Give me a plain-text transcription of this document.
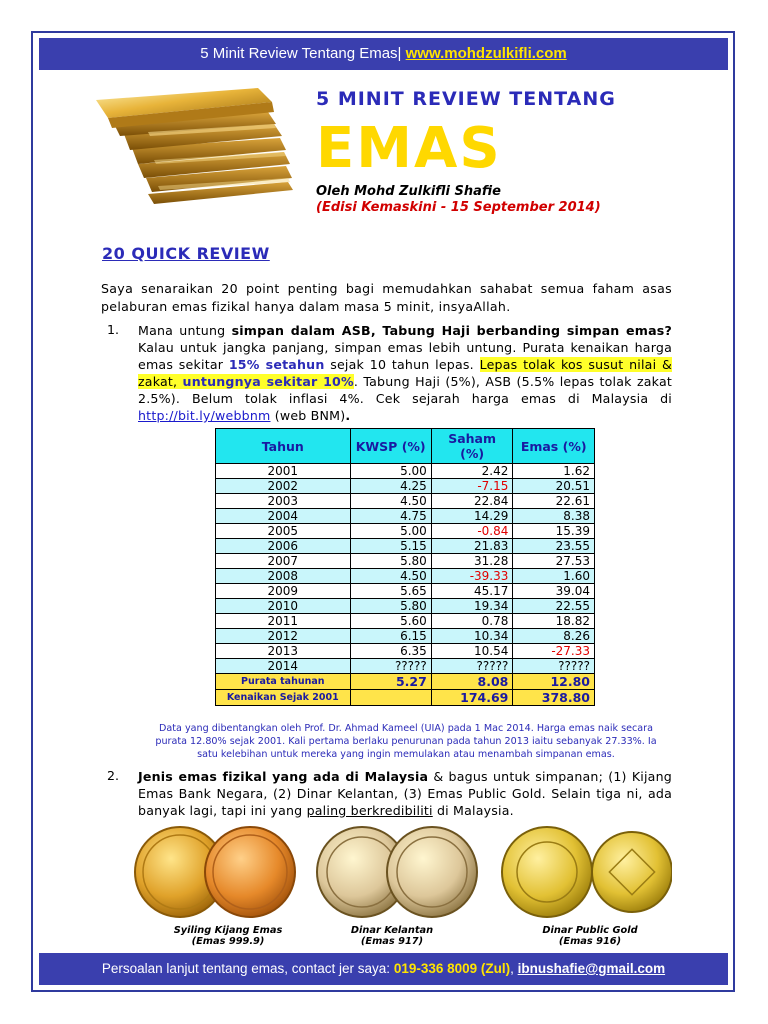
5 Minit Review Tentang Emas| www.mohdzulkifli.com
5 MINIT REVIEW TENTANG
EMAS
Oleh Mohd Zulkifli Shafie
(Edisi Kemaskini - 15 September 2014)
20 QUICK REVIEW
Saya senaraikan 20 point penting bagi memudahkan sahabat semua faham asas pelaburan emas fizikal hanya dalam masa 5 minit, insyaAllah.
1. Mana untung simpan dalam ASB, Tabung Haji berbanding simpan emas? Kalau untuk jangka panjang, simpan emas lebih untung. Purata kenaikan harga emas sekitar 15% setahun sejak 10 tahun lepas. Lepas tolak kos susut nilai & zakat, untungnya sekitar 10%. Tabung Haji (5%), ASB (5.5% lepas tolak zakat 2.5%). Belum tolak inflasi 4%. Cek sejarah harga emas di Malaysia di http://bit.ly/webbnm (web BNM).
Tahun	KWSP (%)	Saham (%)	Emas (%)
2001	5.00	2.42	1.62
2002	4.25	-7.15	20.51
2003	4.50	22.84	22.61
2004	4.75	14.29	8.38
2005	5.00	-0.84	15.39
2006	5.15	21.83	23.55
2007	5.80	31.28	27.53
2008	4.50	-39.33	1.60
2009	5.65	45.17	39.04
2010	5.80	19.34	22.55
2011	5.60	0.78	18.82
2012	6.15	10.34	8.26
2013	6.35	10.54	-27.33
2014	?????	?????	?????
Purata tahunan	5.27	8.08	12.80
Kenaikan Sejak 2001		174.69	378.80
Data yang dibentangkan oleh Prof. Dr. Ahmad Kameel (UIA) pada 1 Mac 2014. Harga emas naik secara purata 12.80% sejak 2001. Kali pertama berlaku penurunan pada tahun 2013 iaitu sebanyak 27.33%. Ia satu kelebihan untuk mereka yang ingin memulakan atau menambah simpanan emas.
2. Jenis emas fizikal yang ada di Malaysia & bagus untuk simpanan; (1) Kijang Emas Bank Negara, (2) Dinar Kelantan, (3) Emas Public Gold. Selain tiga ni, ada banyak lagi, tapi ini yang paling berkredibiliti di Malaysia.
Syiling Kijang Emas
(Emas 999.9)
Dinar Kelantan
(Emas 917)
Dinar Public Gold
(Emas 916)
Persoalan lanjut tentang emas, contact jer saya: 019-336 8009 (Zul), ibnushafie@gmail.com
